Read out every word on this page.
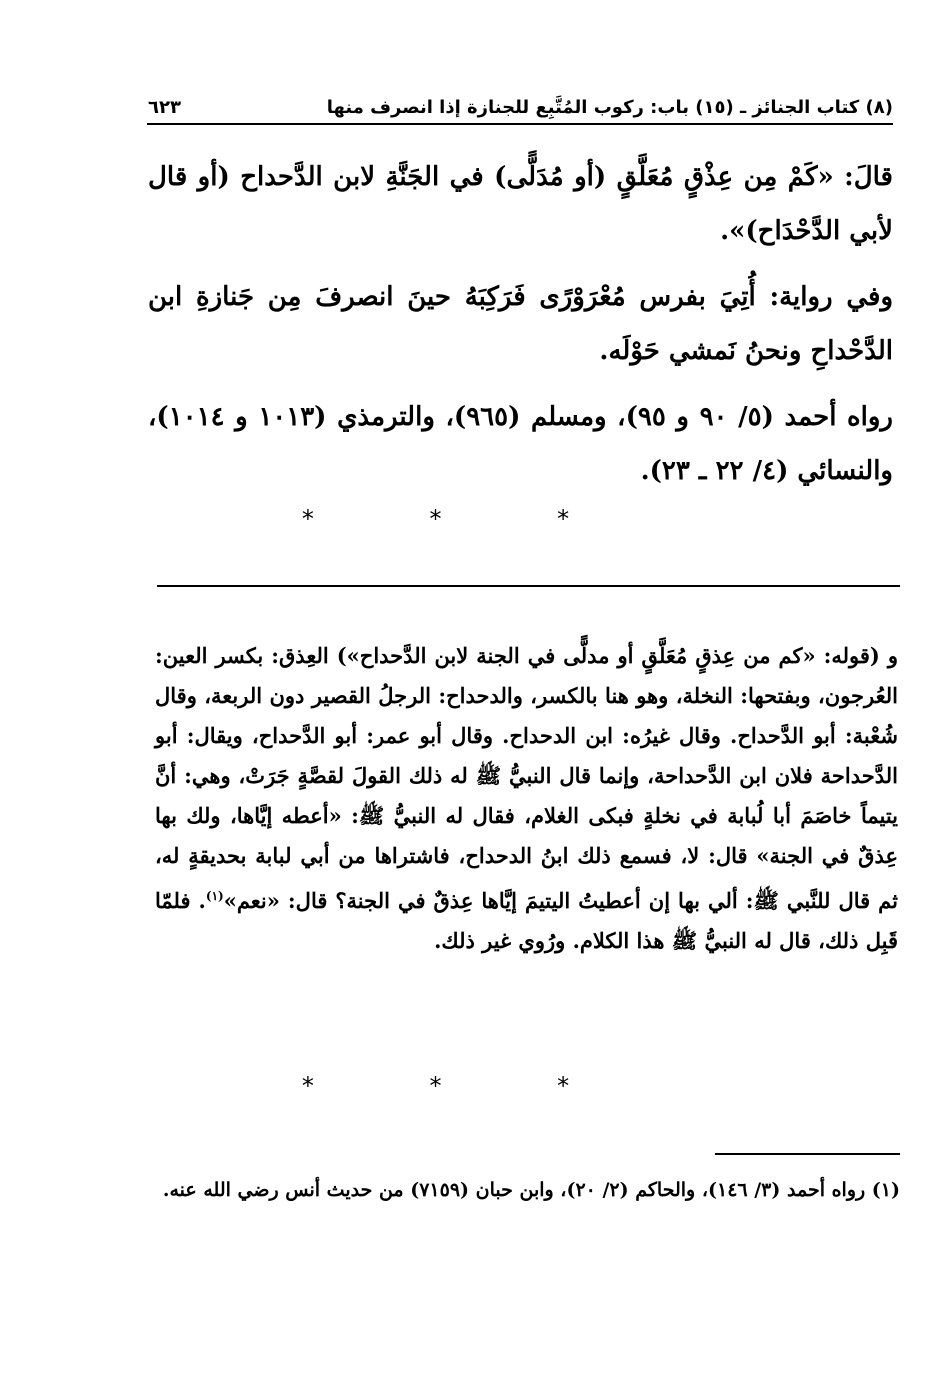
(٨) كتاب الجنائز ـ (١٥) باب: ركوب المُتَّبِع للجنازة إذا انصرف منها
٦٢٣

قالَ: «كَمْ مِن عِذْقٍ مُعَلَّقٍ (أو مُدَلًّى) في الجَنَّةِ لابن الدَّحداح (أو قال لأبي الدَّحْدَاح)».

وفي رواية: أُتِيَ بفرس مُعْرَوْرًى فَرَكِبَهُ حينَ انصرفَ مِن جَنازةِ ابن الدَّحْداحِ ونحنُ نَمشي حَوْلَه.

رواه أحمد (٥/ ٩٠ و ٩٥)، ومسلم (٩٦٥)، والترمذي (١٠١٣ و ١٠١٤)، والنسائي (٤/ ٢٢ ـ ٢٣).

* * *

و (قوله: «كم من عِذقٍ مُعَلَّقٍ أو مدلًّى في الجنة لابن الدَّحداح») العِذق: بكسر العين: العُرجون، وبفتحها: النخلة، وهو هنا بالكسر، والدحداح: الرجلُ القصير دون الربعة، وقال شُعْبة: أبو الدَّحداح. وقال غيرُه: ابن الدحداح. وقال أبو عمر: أبو الدَّحداح، ويقال: أبو الدَّحداحة فلان ابن الدَّحداحة، وإنما قال النبيُّ ﷺ له ذلك القولَ لقصَّةٍ جَرَتْ، وهي: أنَّ يتيماً خاصَمَ أبا لُبابة في نخلةٍ فبكى الغلام، فقال له النبيُّ ﷺ: «أعطه إيَّاها، ولك بها عِذقٌ في الجنة» قال: لا، فسمع ذلك ابنُ الدحداح، فاشتراها من أبي لبابة بحديقةٍ له، ثم قال للنَّبي ﷺ: ألي بها إن أعطيتُ اليتيمَ إيَّاها عِذقٌ في الجنة؟ قال: «نعم»$^{(١)}$. فلمّا قَبِل ذلك، قال له النبيُّ ﷺ هذا الكلام. ورُوي غير ذلك.

* * *

(١) رواه أحمد (٣/ ١٤٦)، والحاكم (٢/ ٢٠)، وابن حبان (٧١٥٩) من حديث أنس رضي الله عنه.
